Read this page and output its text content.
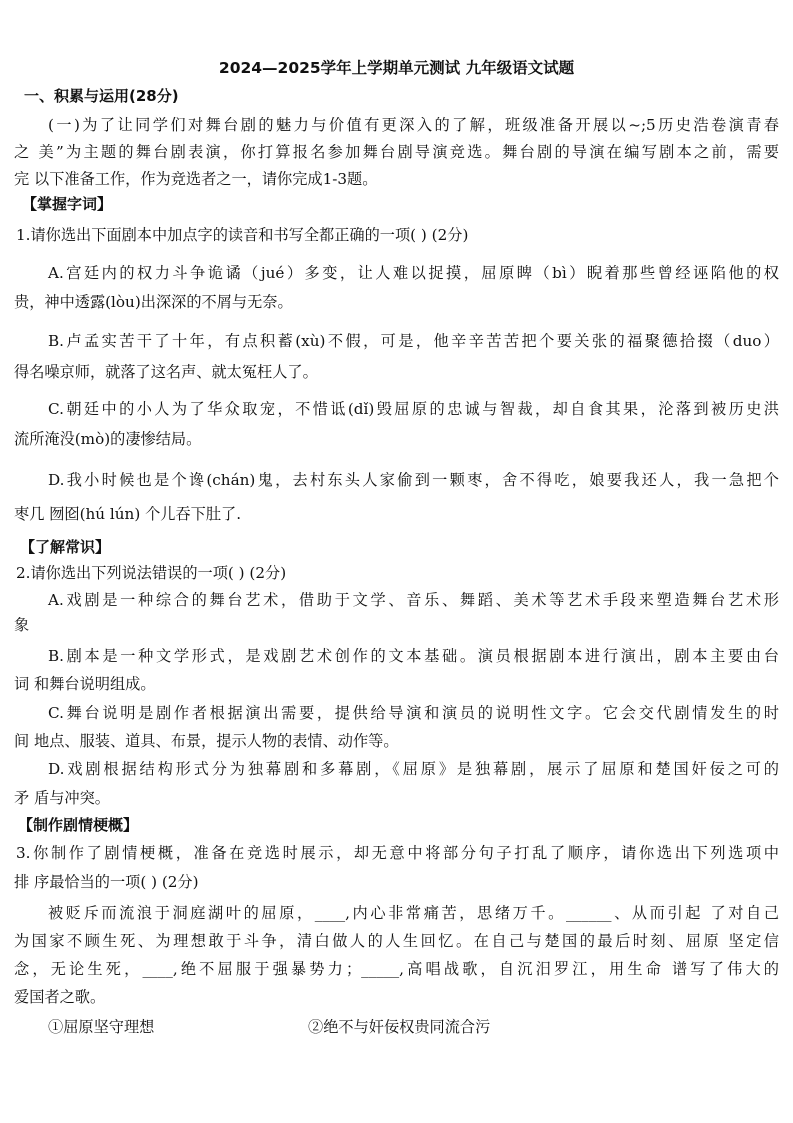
2024—2025学年上学期单元测试 九年级语文试题
一、积累与运用(28分)
(一)为了让同学们对舞台剧的魅力与价值有更深入的了解，班级准备开展以~;5历史浩卷演青春
之 美”为主题的舞台剧表演，你打算报名参加舞台剧导演竞选。舞台剧的导演在编写剧本之前，需要
完 以下准备工作，作为竞选者之一，请你完成1-3题。
【掌握字词】
1.请你选出下面剧本中加点字的读音和书写全都正确的一项( ) (2分)
A.宫廷内的权力斗争诡谲（jué）多变，让人难以捉摸，屈原睥（bì）睨着那些曾经诬陷他的权
贵，神中透露(lòu)出深深的不屑与无奈。
B.卢孟实苦干了十年，有点积蓄(xù)不假，可是，他辛辛苦苦把个要关张的福聚德拾掇（duo）
得名噪京师，就落了这名声、就太冤枉人了。
C.朝廷中的小人为了华众取宠，不惜诋(dǐ)毁屈原的忠诚与智裁，却自食其果，沦落到被历史洪
流所淹没(mò)的凄惨结局。
D.我小时候也是个谗(chán)鬼，去村东头人家偷到一颗枣，舍不得吃，娘要我还人，我一急把个
枣几 囫囵(hú lún) 个儿吞下肚了.
【了解常识】
2.请你选出下列说法错误的一项( ) (2分)
A.戏剧是一种综合的舞台艺术，借助于文学、音乐、舞蹈、美术等艺术手段来塑造舞台艺术形
象
B.剧本是一种文学形式，是戏剧艺术创作的文本基础。演员根据剧本进行演出，剧本主要由台
词 和舞台说明组成。
C.舞台说明是剧作者根据演出需要，提供给导演和演员的说明性文字。它会交代剧情发生的时
间 地点、服装、道具、布景，提示人物的表情、动作等。
D.戏剧根据结构形式分为独幕剧和多幕剧，《屈原》是独幕剧，展示了屈原和楚国奸佞之可的
矛 盾与冲突。
【制作剧情梗概】
3.你制作了剧情梗概，准备在竞选时展示，却无意中将部分句子打乱了顺序，请你选出下列选项中
排 序最恰当的一项( ) (2分)
被贬斥而流浪于洞庭湖叶的屈原，____,内心非常痛苦，思绪万千。______、从而引起 了对自己
为国家不顾生死、为理想敢于斗争，清白做人的人生回忆。在自己与楚国的最后时刻、屈原 坚定信
念，无论生死，____,绝不屈服于强暴势力；_____,高唱战歌，自沉汨罗江，用生命 谱写了伟大的
爱国者之歌。
①屈原坚守理想	②绝不与奸佞权贵同流合污
